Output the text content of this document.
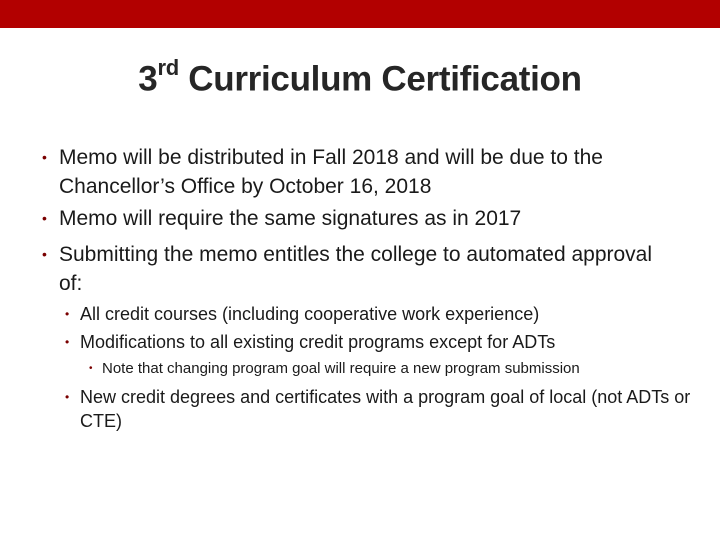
3rd Curriculum Certification
• Memo will be distributed in Fall 2018 and will be due to the Chancellor’s Office by October 16, 2018
• Memo will require the same signatures as in 2017
• Submitting the memo entitles the college to automated approval of:
• All credit courses (including cooperative work experience)
• Modifications to all existing credit programs except for ADTs
• Note that changing program goal will require a new program submission
• New credit degrees and certificates with a program goal of local (not ADTs or CTE)
